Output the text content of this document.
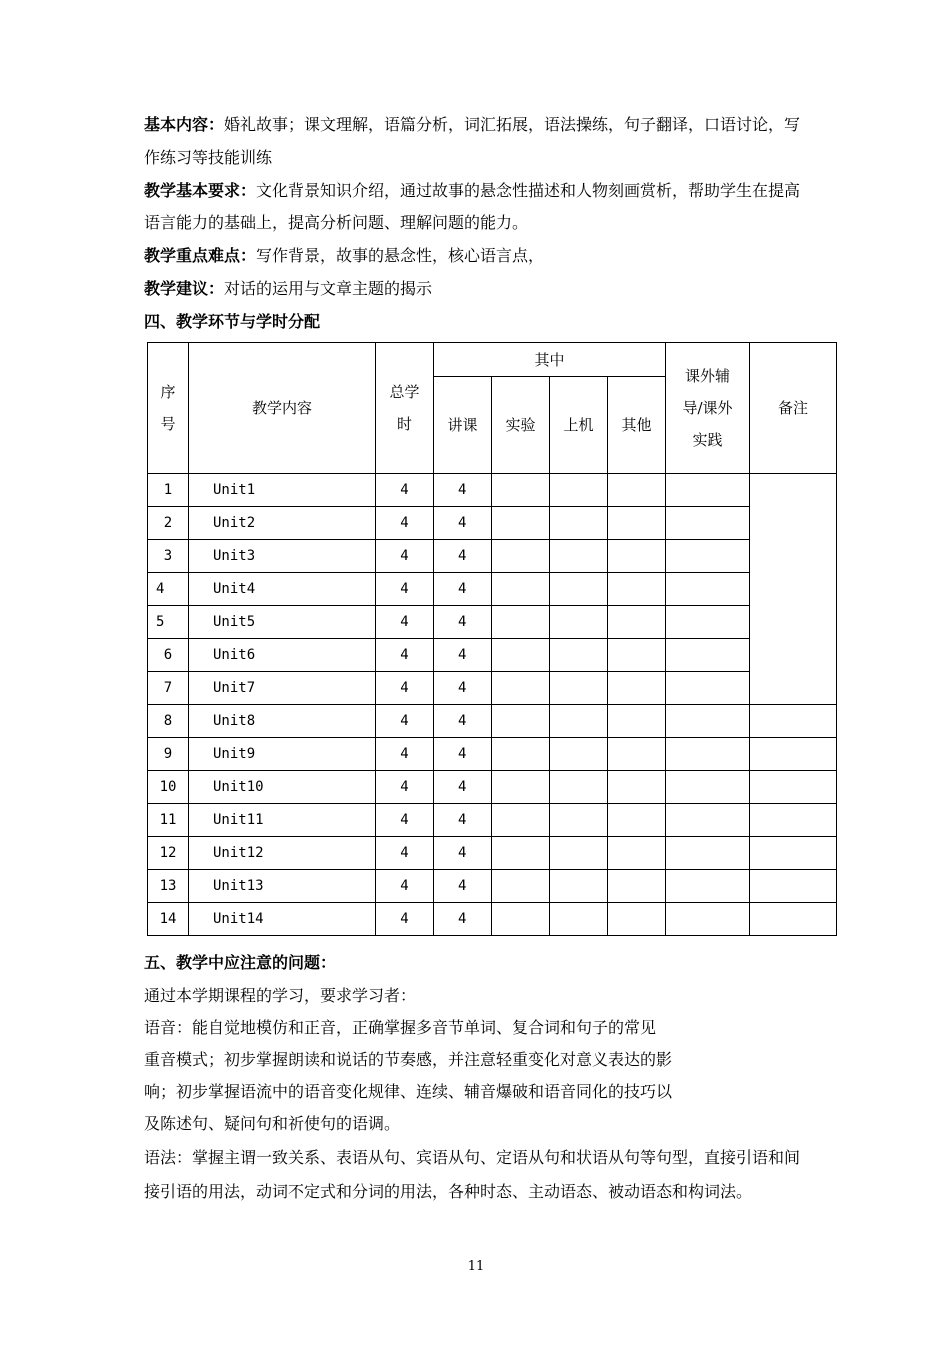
基本内容：婚礼故事；课文理解，语篇分析，词汇拓展，语法操练，句子翻译，口语讨论，写
作练习等技能训练
教学基本要求：文化背景知识介绍，通过故事的悬念性描述和人物刻画赏析，帮助学生在提高
语言能力的基础上，提高分析问题、理解问题的能力。
教学重点难点：写作背景，故事的悬念性，核心语言点，
教学建议：对话的运用与文章主题的揭示
四、教学环节与学时分配
序号	教学内容	总学时	其中				课外辅导/课外实践	备注
			讲课	实验	上机	其他		
1	Unit1	4	4					
2	Unit2	4	4					
3	Unit3	4	4					
4	Unit4	4	4					
5	Unit5	4	4					
6	Unit6	4	4					
7	Unit7	4	4					
8	Unit8	4	4					
9	Unit9	4	4					
10	Unit10	4	4					
11	Unit11	4	4					
12	Unit12	4	4					
13	Unit13	4	4					
14	Unit14	4	4					
五、教学中应注意的问题：
通过本学期课程的学习，要求学习者：
语音：能自觉地模仿和正音，正确掌握多音节单词、复合词和句子的常见
重音模式；初步掌握朗读和说话的节奏感，并注意轻重变化对意义表达的影
响；初步掌握语流中的语音变化规律、连续、辅音爆破和语音同化的技巧以
及陈述句、疑问句和祈使句的语调。
语法：掌握主谓一致关系、表语从句、宾语从句、定语从句和状语从句等句型，直接引语和间
接引语的用法，动词不定式和分词的用法，各种时态、主动语态、被动语态和构词法。
11
